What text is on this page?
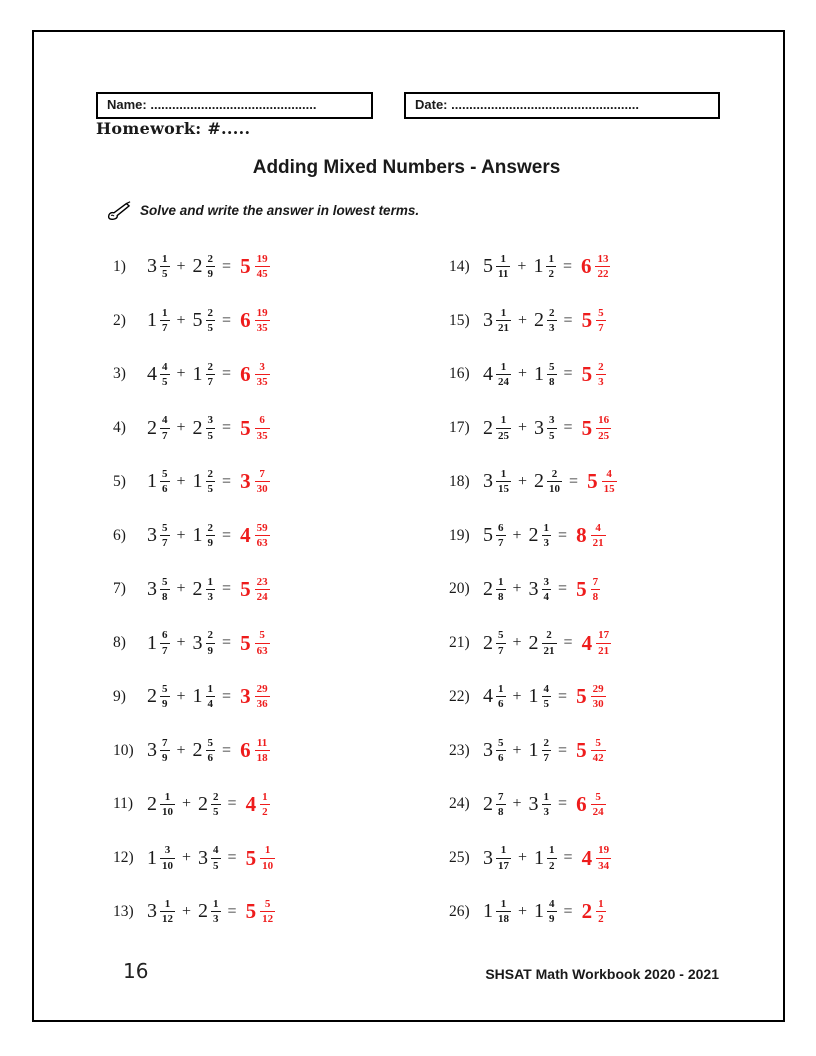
Name: ..............................................	Date: ....................................................
Homework: #.....
Adding Mixed Numbers - Answers
Solve and write the answer in lowest terms.
1)	$3 \frac{1}{5} + 2 \frac{2}{9} = 5 \frac{19}{45}$
2)	$1 \frac{1}{7} + 5 \frac{2}{5} = 6 \frac{19}{35}$
3)	$4 \frac{4}{5} + 1 \frac{2}{7} = 6 \frac{3}{35}$
4)	$2 \frac{4}{7} + 2 \frac{3}{5} = 5 \frac{6}{35}$
5)	$1 \frac{5}{6} + 1 \frac{2}{5} = 3 \frac{7}{30}$
6)	$3 \frac{5}{7} + 1 \frac{2}{9} = 4 \frac{59}{63}$
7)	$3 \frac{5}{8} + 2 \frac{1}{3} = 5 \frac{23}{24}$
8)	$1 \frac{6}{7} + 3 \frac{2}{9} = 5 \frac{5}{63}$
9)	$2 \frac{5}{9} + 1 \frac{1}{4} = 3 \frac{29}{36}$
10) $3 \frac{7}{9} + 2 \frac{5}{6} = 6 \frac{11}{18}$
11) $2 \frac{1}{10} + 2 \frac{2}{5} = 4 \frac{1}{2}$
12) $1 \frac{3}{10} + 3 \frac{4}{5} = 5 \frac{1}{10}$
13) $3 \frac{1}{12} + 2 \frac{1}{3} = 5 \frac{5}{12}$
14) $5 \frac{1}{11} + 1 \frac{1}{2} = 6 \frac{13}{22}$
15) $3 \frac{1}{21} + 2 \frac{2}{3} = 5 \frac{5}{7}$
16) $4 \frac{1}{24} + 1 \frac{5}{8} = 5 \frac{2}{3}$
17) $2 \frac{1}{25} + 3 \frac{3}{5} = 5 \frac{16}{25}$
18) $3 \frac{1}{15} + 2 \frac{2}{10} = 5 \frac{4}{15}$
19) $5 \frac{6}{7} + 2 \frac{1}{3} = 8 \frac{4}{21}$
20) $2 \frac{1}{8} + 3 \frac{3}{4} = 5 \frac{7}{8}$
21) $2 \frac{5}{7} + 2 \frac{2}{21} = 4 \frac{17}{21}$
22) $4 \frac{1}{6} + 1 \frac{4}{5} = 5 \frac{29}{30}$
23) $3 \frac{5}{6} + 1 \frac{2}{7} = 5 \frac{5}{42}$
24) $2 \frac{7}{8} + 3 \frac{1}{3} = 6 \frac{5}{24}$
25) $3 \frac{1}{17} + 1 \frac{1}{2} = 4 \frac{19}{34}$
26) $1 \frac{1}{18} + 1 \frac{4}{9} = 2 \frac{1}{2}$
16	SHSAT Math Workbook 2020 - 2021
